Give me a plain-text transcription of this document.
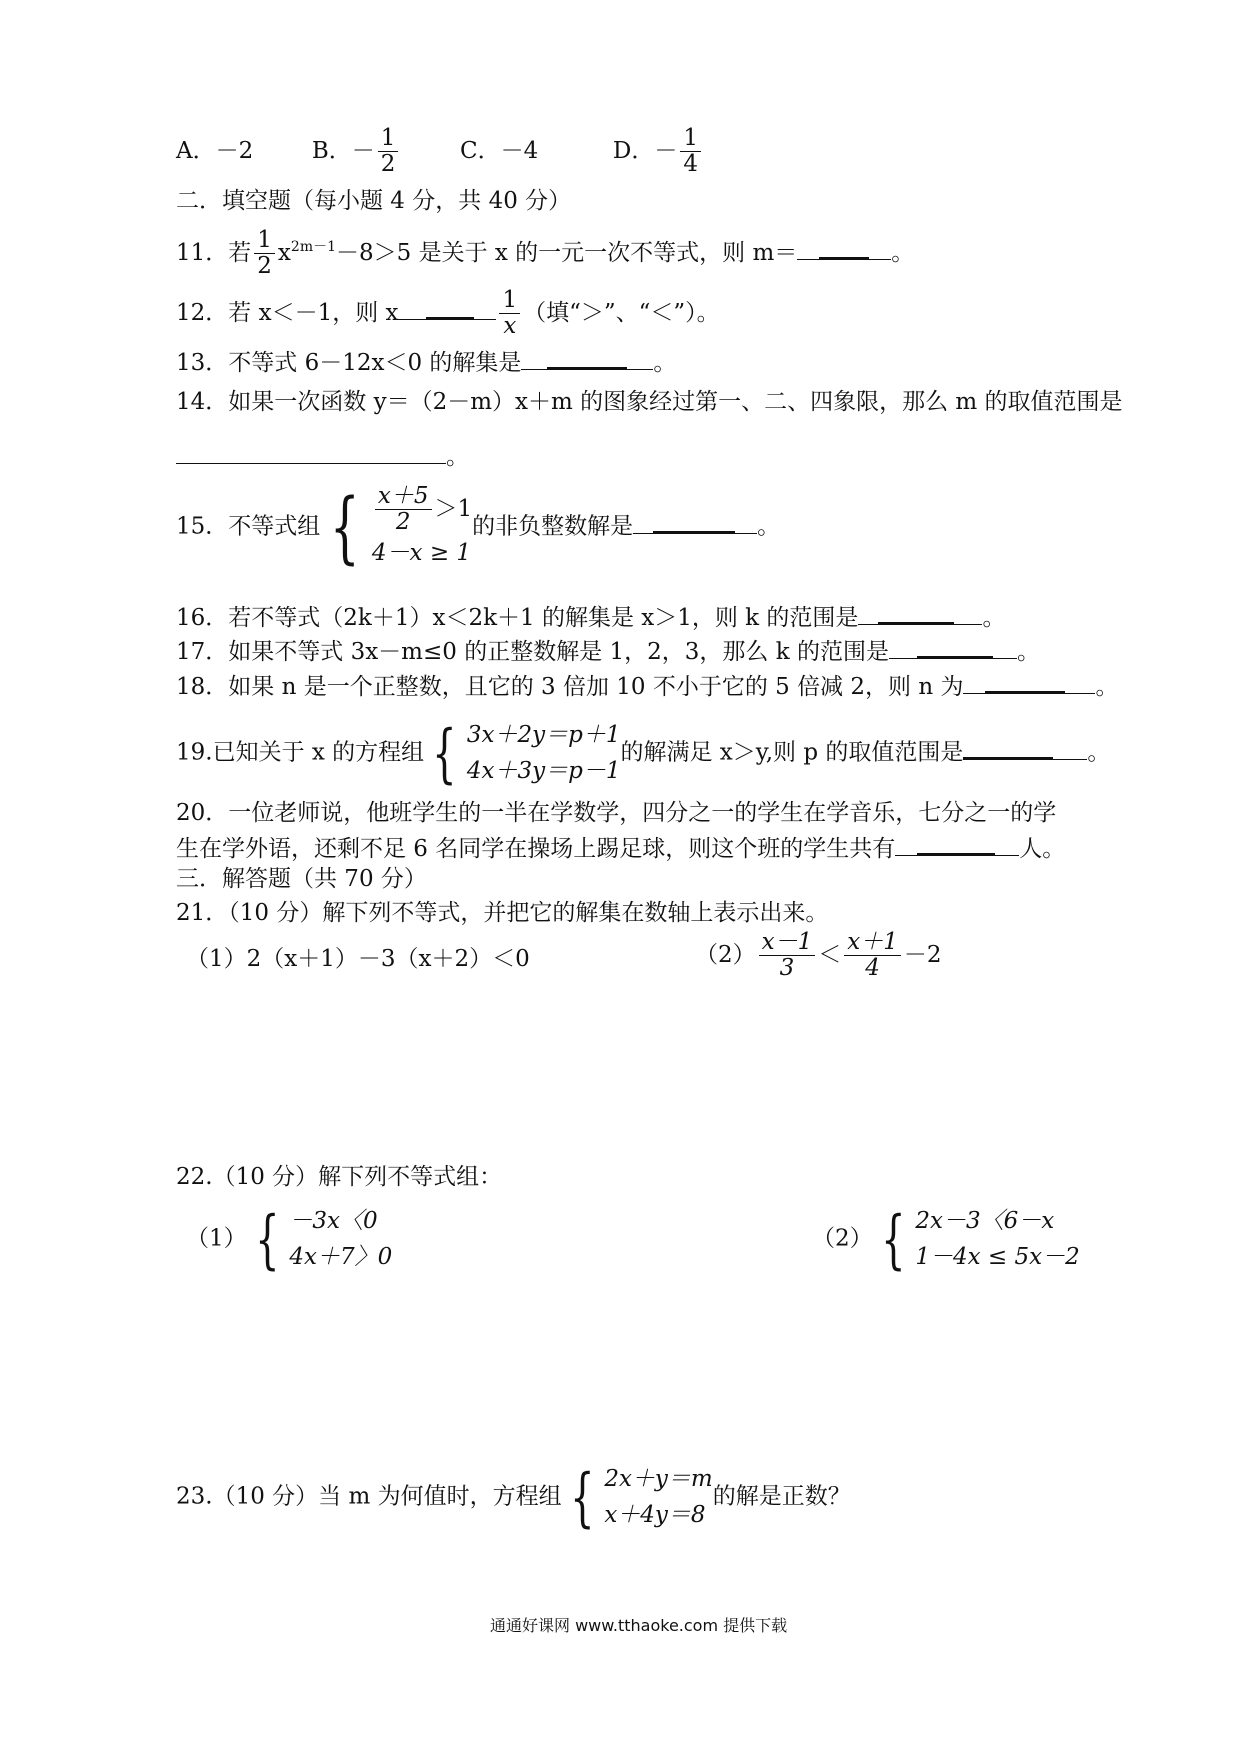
A．－2	B．－ $\frac{1}{2}$	C．－4	D．－ $\frac{1}{4}$
二．填空题（每小题 4 分，共 40 分）
11．若 $\frac{1}{2} x^{2m-1}-8>5$ 是关于 x 的一元一次不等式，则 m＝	。
12．若 x＜－1，则 x	$\frac{1}{x}$ （填“＞”、“＜”）。
13．不等式 6－12x＜0 的解集是	。
14．如果一次函数 y＝（2－m）x＋m 的图象经过第一、二、四象限，那么 m 的取值范围是
。
15．不等式组 { $\frac{x+5}{2} >1$
4－x ≥ 1
的非负整数解是	。
16．若不等式（2k＋1）x＜2k＋1 的解集是 x＞1，则 k 的范围是	。
17．如果不等式 3x－m≤0 的正整数解是 1，2，3，那么 k 的范围是	。
18．如果 n 是一个正整数，且它的 3 倍加 10 不小于它的 5 倍减 2，则 n 为	。
19.已知关于 x 的方程组 { 3x＋2y＝p＋1
4x＋3y＝p－1
的解满足 x＞y,则 p 的取值范围是	。
20．一位老师说，他班学生的一半在学数学，四分之一的学生在学音乐，七分之一的学
生在学外语，还剩不足 6 名同学在操场上踢足球，则这个班的学生共有	人。
三．解答题（共 70 分）
21．（10 分）解下列不等式，并把它的解集在数轴上表示出来。
（1）2（x＋1）－3（x＋2）＜0	$(2) \frac{x-1}{3} < \frac{x+1}{4} -2$
22.（10 分）解下列不等式组：
（1） { －3x〈0
4x＋7〉0
（2） { 2x－3〈6－x
1－4x ≤ 5x－2
23.（10 分）当 m 为何值时，方程组 { 2x＋y＝m
x＋4y＝8
的解是正数？
通通好课网 www.tthaoke.com 提供下载
